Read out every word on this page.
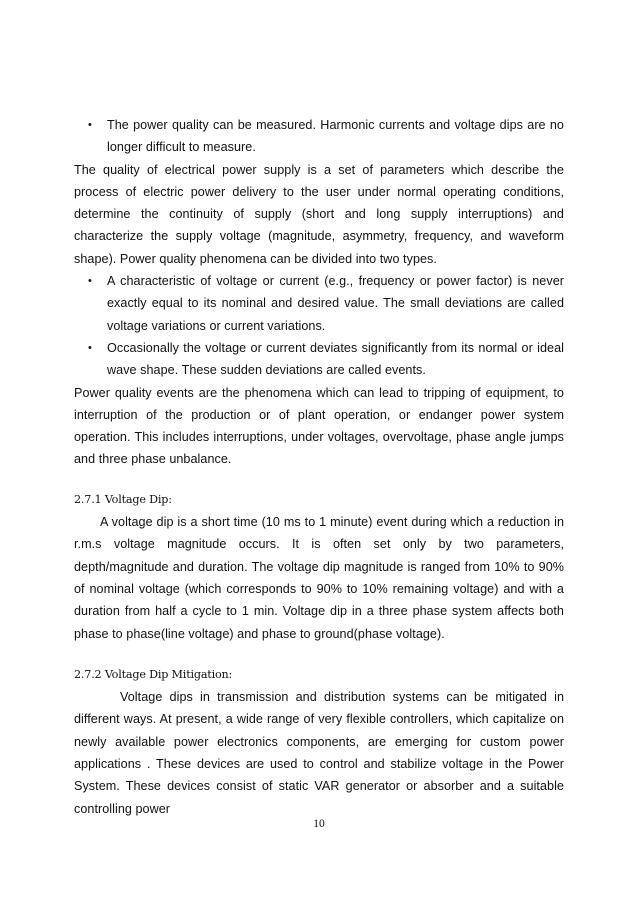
• The power quality can be measured. Harmonic currents and voltage dips are no longer difficult to measure.

The quality of electrical power supply is a set of parameters which describe the process of electric power delivery to the user under normal operating conditions, determine the continuity of supply (short and long supply interruptions) and characterize the supply voltage (magnitude, asymmetry, frequency, and waveform shape). Power quality phenomena can be divided into two types.

• A characteristic of voltage or current (e.g., frequency or power factor) is never exactly equal to its nominal and desired value. The small deviations are called voltage variations or current variations.
• Occasionally the voltage or current deviates significantly from its normal or ideal wave shape. These sudden deviations are called events.

Power quality events are the phenomena which can lead to tripping of equipment, to interruption of the production or of plant operation, or endanger power system operation. This includes interruptions, under voltages, overvoltage, phase angle jumps and three phase unbalance.

2.7.1 Voltage Dip:

A voltage dip is a short time (10 ms to 1 minute) event during which a reduction in r.m.s voltage magnitude occurs. It is often set only by two parameters, depth/magnitude and duration. The voltage dip magnitude is ranged from 10% to 90% of nominal voltage (which corresponds to 90% to 10% remaining voltage) and with a duration from half a cycle to 1 min. Voltage dip in a three phase system affects both phase to phase(line voltage) and phase to ground(phase voltage).

2.7.2 Voltage Dip Mitigation:

Voltage dips in transmission and distribution systems can be mitigated in different ways. At present, a wide range of very flexible controllers, which capitalize on newly available power electronics components, are emerging for custom power applications . These devices are used to control and stabilize voltage in the Power System. These devices consist of static VAR generator or absorber and a suitable controlling power

10
